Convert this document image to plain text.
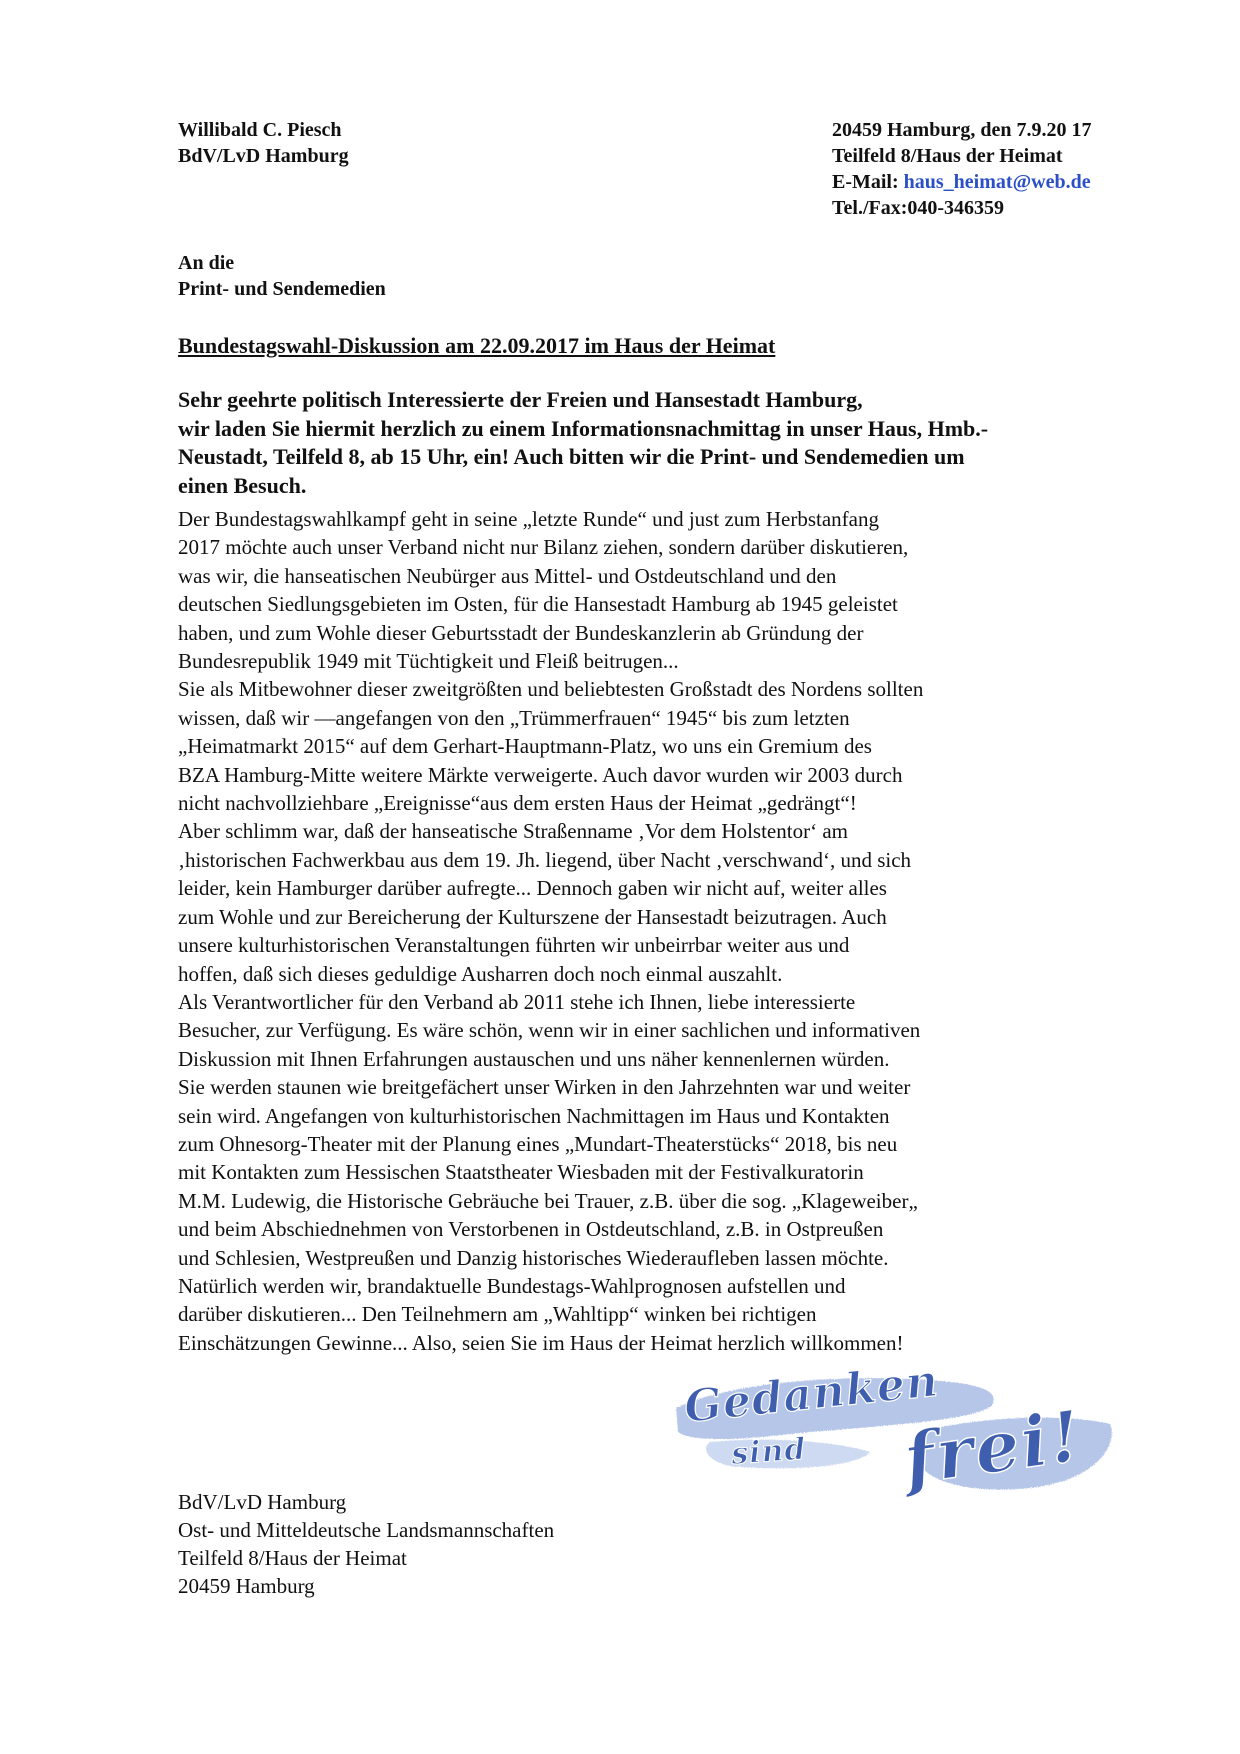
Willibald C. Piesch
BdV/LvD Hamburg
20459 Hamburg, den 7.9.20 17
Teilfeld 8/Haus der Heimat
E-Mail: haus_heimat@web.de
Tel./Fax:040-346359
An die
Print- und Sendemedien
Bundestagswahl-Diskussion am 22.09.2017 im Haus der Heimat
Sehr geehrte politisch Interessierte der Freien und Hansestadt Hamburg,
wir laden Sie hiermit herzlich zu einem Informationsnachmittag in unser Haus, Hmb.-
Neustadt, Teilfeld 8, ab 15 Uhr, ein! Auch bitten wir die Print- und Sendemedien um
einen Besuch.
Der Bundestagswahlkampf geht in seine „letzte Runde“ und just zum Herbstanfang
2017 möchte auch unser Verband nicht nur Bilanz ziehen, sondern darüber diskutieren,
was wir, die hanseatischen Neubürger aus Mittel- und Ostdeutschland und den
deutschen Siedlungsgebieten im Osten, für die Hansestadt Hamburg ab 1945 geleistet
haben, und zum Wohle dieser Geburtsstadt der Bundeskanzlerin ab Gründung der
Bundesrepublik 1949 mit Tüchtigkeit und Fleiß beitrugen...
Sie als Mitbewohner dieser zweitgrößten und beliebtesten Großstadt des Nordens sollten
wissen, daß wir —angefangen von den „Trümmerfrauen“ 1945“ bis zum letzten
„Heimatmarkt 2015“ auf dem Gerhart-Hauptmann-Platz, wo uns ein Gremium des
BZA Hamburg-Mitte weitere Märkte verweigerte. Auch davor wurden wir 2003 durch
nicht nachvollziehbare „Ereignisse“aus dem ersten Haus der Heimat „gedrängt“!
Aber schlimm war, daß der hanseatische Straßenname ‚Vor dem Holstentor‘ am
‚historischen Fachwerkbau aus dem 19. Jh. liegend, über Nacht ‚verschwand‘, und sich
leider, kein Hamburger darüber aufregte... Dennoch gaben wir nicht auf, weiter alles
zum Wohle und zur Bereicherung der Kulturszene der Hansestadt beizutragen. Auch
unsere kulturhistorischen Veranstaltungen führten wir unbeirrbar weiter aus und
hoffen, daß sich dieses geduldige Ausharren doch noch einmal auszahlt.
Als Verantwortlicher für den Verband ab 2011 stehe ich Ihnen, liebe interessierte
Besucher, zur Verfügung. Es wäre schön, wenn wir in einer sachlichen und informativen
Diskussion mit Ihnen Erfahrungen austauschen und uns näher kennenlernen würden.
Sie werden staunen wie breitgefächert unser Wirken in den Jahrzehnten war und weiter
sein wird. Angefangen von kulturhistorischen Nachmittagen im Haus und Kontakten
zum Ohnesorg-Theater mit der Planung eines „Mundart-Theaterstücks“ 2018, bis neu
mit Kontakten zum Hessischen Staatstheater Wiesbaden mit der Festivalkuratorin
M.M. Ludewig, die Historische Gebräuche bei Trauer, z.B. über die sog. „Klageweiber„
und beim Abschiednehmen von Verstorbenen in Ostdeutschland, z.B. in Ostpreußen
und Schlesien, Westpreußen und Danzig historisches Wiederaufleben lassen möchte.
Natürlich werden wir, brandaktuelle Bundestags-Wahlprognosen aufstellen und
darüber diskutieren... Den Teilnehmern am „Wahltipp“ winken bei richtigen
Einschätzungen Gewinne... Also, seien Sie im Haus der Heimat herzlich willkommen!
Gedanken
sind frei!
BdV/LvD Hamburg
Ost- und Mitteldeutsche Landsmannschaften
Teilfeld 8/Haus der Heimat
20459 Hamburg
